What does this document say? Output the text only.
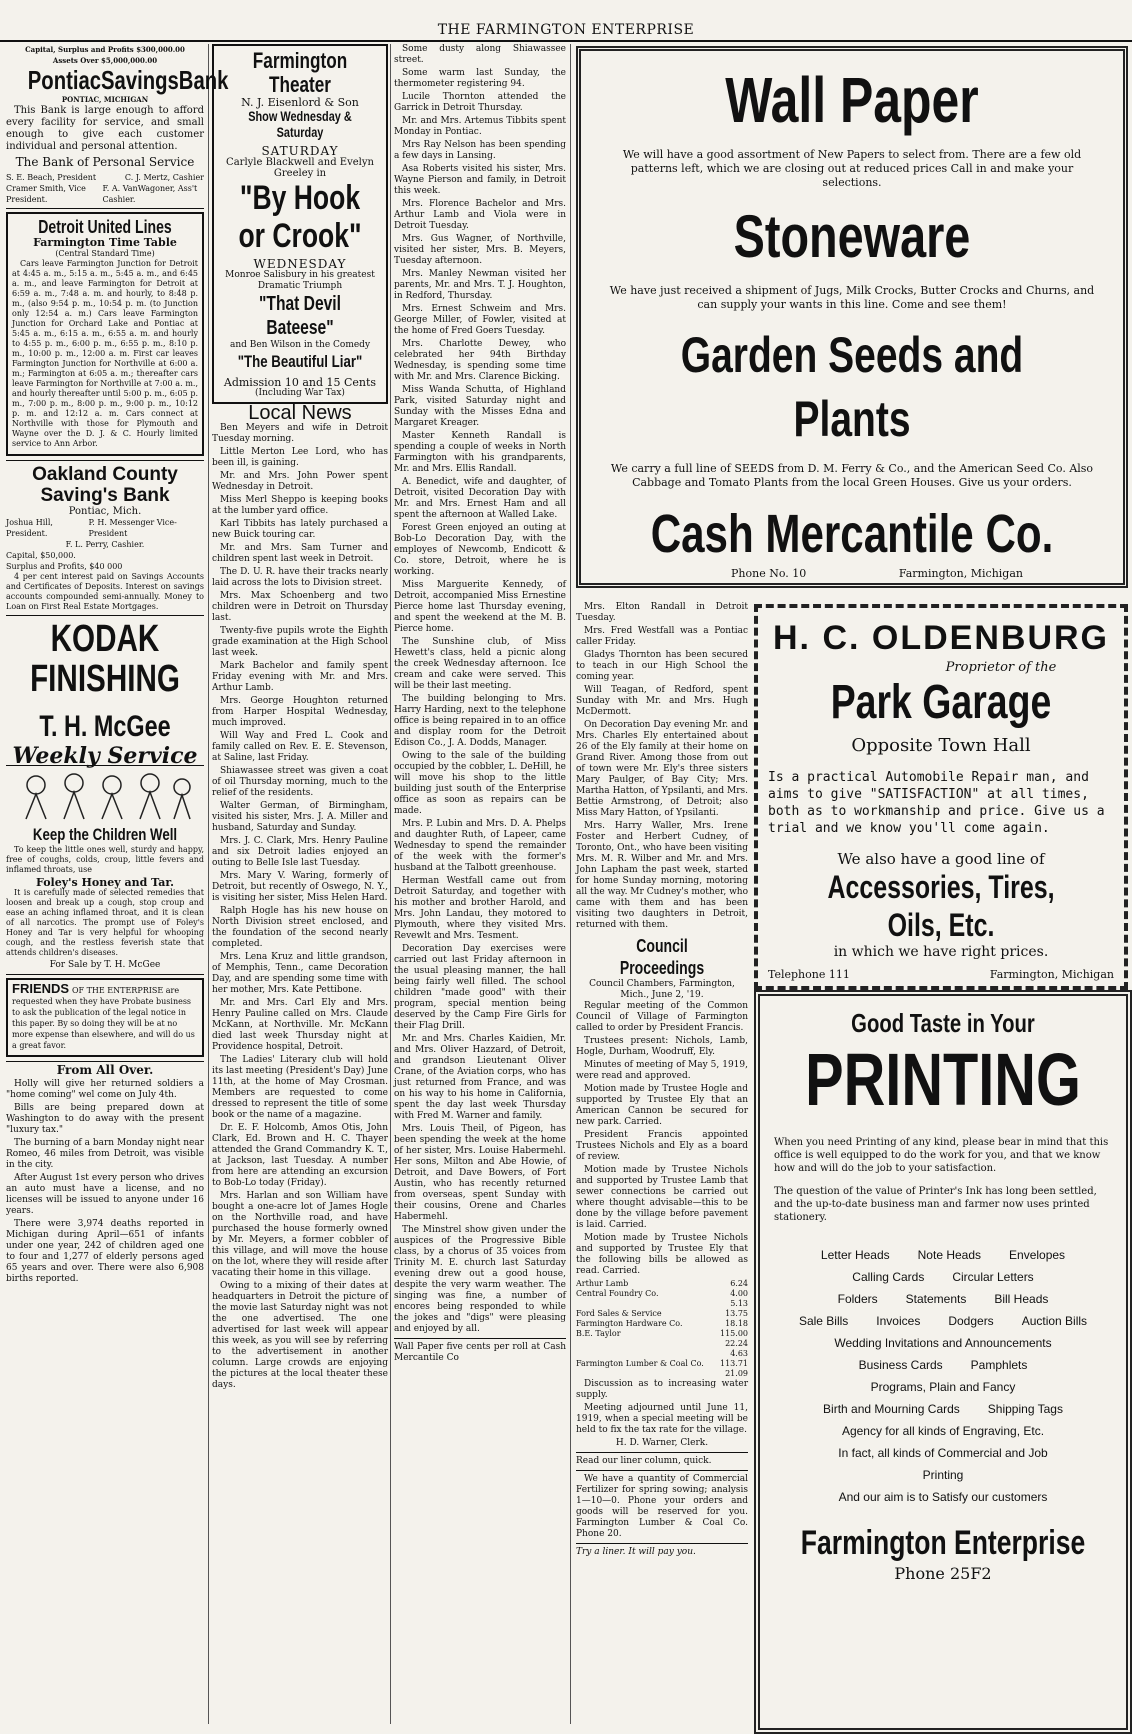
THE FARMINGTON ENTERPRISE
Capital, Surplus and Profits $300,000.00
Assets Over $5,000,000.00
PontiacSavingsBank
PONTIAC, MICHIGAN

This Bank is large enough to afford every facility for service, and small enough to give each customer individual and personal attention.

The Bank of Personal Service
S. E. Beach, President	C. J. Mertz, Cashier
Cramer Smith, Vice President.
F. A. VanWagoner, Ass't Cashier.
Detroit United Lines
Farmington Time Table
(Central Standard Time)

Cars leave Farmington Junction for Detroit at 4:45 a. m., 5:15 a. m., 5:45 a. m., and 6:45 a. m., and leave Farmington for Detroit at 6:59 a. m., 7:48 a. m. and hourly, to 8:48 p. m., (also 9:54 p. m., 10:54 p. m. (to Junction only 12:54 a. m.) Cars leave Farmington Junction for Orchard Lake and Pontiac at 5:45 a. m., 6:15 a. m., 6:55 a. m. and hourly to 4:55 p. m., 6:00 p. m., 6:55 p. m., 8:10 p. m., 10:00 p. m., 12:00 a. m. First car leaves Farmington Junction for Northville at 6:00 a. m.; Farmington at 6:05 a. m.; thereafter cars leave Farmington for Northville at 7:00 a. m., and hourly thereafter until 5:00 p. m., 6:05 p. m., 7:00 p. m., 8:00 p. m., 9:00 p. m., 10:12 p. m. and 12:12 a. m. Cars connect at Northville with those for Plymouth and Wayne over the D. J. & C. Hourly limited service to Ann Arbor.

Oakland County Saving's Bank
Pontiac, Mich.
Joshua Hill, President.
P. H. Messenger Vice-President
F. L. Perry, Cashier.
Capital, $50,000.
Surplus and Profits, $40 000

4 per cent interest paid on Savings Accounts and Certificates of Deposits. Interest on savings accounts compounded semi-annually. Money to Loan on First Real Estate Mortgages.

KODAK
FINISHING
T. H. McGee
Weekly Service
Keep the Children Well

To keep the little ones well, sturdy and happy, free of coughs, colds, croup, little fevers and inflamed throats, use

Foley's Honey and Tar.

It is carefully made of selected remedies that loosen and break up a cough, stop croup and ease an aching inflamed throat, and it is clean of all narcotics. The prompt use of Foley's Honey and Tar is very helpful for whooping cough, and the restless feverish state that attends children's diseases.

For Sale by T. H. McGee
FRIENDS OF THE ENTERPRISE are requested when they have Probate business to ask the publication of the legal notice in this paper. By so doing they will be at no more expense than elsewhere, and will do us a great favor.
From All Over.

Holly will give her returned soldiers a "home coming" wel come on July 4th.

Bills are being prepared down at Washington to do away with the present "luxury tax."

The burning of a barn Monday night near Romeo, 46 miles from Detroit, was visible in the city.

After August 1st every person who drives an auto must have a license, and no licenses will be issued to anyone under 16 years.

There were 3,974 deaths reported in Michigan during April—651 of infants under one year, 242 of children aged one to four and 1,277 of elderly persons aged 65 years and over. There were also 6,908 births reported.

Farmington Theater
N. J. Eisenlord & Son
Show Wednesday & Saturday
SATURDAY
Carlyle Blackwell and Evelyn Greeley in
"By Hook
or Crook"
WEDNESDAY
Monroe Salisbury in his greatest Dramatic Triumph
"That Devil Bateese"
and Ben Wilson in the Comedy
"The Beautiful Liar"
Admission 10 and 15 Cents
(Including War Tax)
Local News

Ben Meyers and wife in Detroit Tuesday morning.

Little Merton Lee Lord, who has been ill, is gaining.

Mr. and Mrs. John Power spent Wednesday in Detroit.

Miss Merl Sheppo is keeping books at the lumber yard office.

Karl Tibbits has lately purchased a new Buick touring car.

Mr. and Mrs. Sam Turner and children spent last week in Detroit.

The D. U. R. have their tracks nearly laid across the lots to Division street.

Mrs. Max Schoenberg and two children were in Detroit on Thursday last.

Twenty-five pupils wrote the Eighth grade examination at the High School last week.

Mark Bachelor and family spent Friday evening with Mr. and Mrs. Arthur Lamb.

Mrs. George Houghton returned from Harper Hospital Wednesday, much improved.

Will Way and Fred L. Cook and family called on Rev. E. E. Stevenson, at Saline, last Friday.

Shiawassee street was given a coat of oil Thursday morning, much to the relief of the residents.

Walter German, of Birmingham, visited his sister, Mrs. J. A. Miller and husband, Saturday and Sunday.

Mrs. J. C. Clark, Mrs. Henry Pauline and six Detroit ladies enjoyed an outing to Belle Isle last Tuesday.

Mrs. Mary V. Waring, formerly of Detroit, but recently of Oswego, N. Y., is visiting her sister, Miss Helen Hard.

Ralph Hogle has his new house on North Division street enclosed, and the foundation of the second nearly completed.

Mrs. Lena Kruz and little grandson, of Memphis, Tenn., came Decoration Day, and are spending some time with her mother, Mrs. Kate Pettibone.

Mr. and Mrs. Carl Ely and Mrs. Henry Pauline called on Mrs. Claude McKann, at Northville. Mr. McKann died last week Thursday night at Providence hospital, Detroit.

The Ladies' Literary club will hold its last meeting (President's Day) June 11th, at the home of May Crosman. Members are requested to come dressed to represent the title of some book or the name of a magazine.

Dr. E. F. Holcomb, Amos Otis, John Clark, Ed. Brown and H. C. Thayer attended the Grand Commandry K. T., at Jackson, last Tuesday. A number from here are attending an excursion to Bob-Lo today (Friday).

Mrs. Harlan and son William have bought a one-acre lot of James Hogle on the Northville road, and have purchased the house formerly owned by Mr. Meyers, a former cobbler of this village, and will move the house on the lot, where they will reside after vacating their home in this village.

Owing to a mixing of their dates at headquarters in Detroit the picture of the movie last Saturday night was not the one advertised. The one advertised for last week will appear this week, as you will see by referring to the advertisement in another column. Large crowds are enjoying the pictures at the local theater these days.

Some dusty along Shiawassee street.

Some warm last Sunday, the thermometer registering 94.

Lucile Thornton attended the Garrick in Detroit Thursday.

Mr. and Mrs. Artemus Tibbits spent Monday in Pontiac.

Mrs Ray Nelson has been spending a few days in Lansing.

Asa Roberts visited his sister, Mrs. Wayne Pierson and family, in Detroit this week.

Mrs. Florence Bachelor and Mrs. Arthur Lamb and Viola were in Detroit Tuesday.

Mrs. Gus Wagner, of Northville, visited her sister, Mrs. B. Meyers, Tuesday afternoon.

Mrs. Manley Newman visited her parents, Mr. and Mrs. T. J. Houghton, in Redford, Thursday.

Mrs. Ernest Schweim and Mrs. George Miller, of Fowler, visited at the home of Fred Goers Tuesday.

Mrs. Charlotte Dewey, who celebrated her 94th Birthday Wednesday, is spending some time with Mr. and Mrs. Clarence Bicking.

Miss Wanda Schutta, of Highland Park, visited Saturday night and Sunday with the Misses Edna and Margaret Kreager.

Master Kenneth Randall is spending a couple of weeks in North Farmington with his grandparents, Mr. and Mrs. Ellis Randall.

A. Benedict, wife and daughter, of Detroit, visited Decoration Day with Mr. and Mrs. Ernest Ham and all spent the afternoon at Walled Lake.

Forest Green enjoyed an outing at Bob-Lo Decoration Day, with the employes of Newcomb, Endicott & Co. store, Detroit, where he is working.

Miss Marguerite Kennedy, of Detroit, accompanied Miss Ernestine Pierce home last Thursday evening, and spent the weekend at the M. B. Pierce home.

The Sunshine club, of Miss Hewett's class, held a picnic along the creek Wednesday afternoon. Ice cream and cake were served. This will be their last meeting.

The building belonging to Mrs. Harry Harding, next to the telephone office is being repaired in to an office and display room for the Detroit Edison Co., J. A. Dodds, Manager.

Owing to the sale of the building occupied by the cobbler, L. DeHill, he will move his shop to the little building just south of the Enterprise office as soon as repairs can be made.

Mrs. P. Lubin and Mrs. D. A. Phelps and daughter Ruth, of Lapeer, came Wednesday to spend the remainder of the week with the former's husband at the Talbott greenhouse.

Herman Westfall came out from Detroit Saturday, and together with his mother and brother Harold, and Mrs. John Landau, they motored to Plymouth, where they visited Mrs. Revewlt and Mrs. Tesment.

Decoration Day exercises were carried out last Friday afternoon in the usual pleasing manner, the hall being fairly well filled. The school children "made good" with their program, special mention being deserved by the Camp Fire Girls for their Flag Drill.

Mr. and Mrs. Charles Kaidien, Mr. and Mrs. Oliver Hazzard, of Detroit, and grandson Lieutenant Oliver Crane, of the Aviation corps, who has just returned from France, and was on his way to his home in California, spent the day last week Thursday with Fred M. Warner and family.

Mrs. Louis Theil, of Pigeon, has been spending the week at the home of her sister, Mrs. Louise Habermehl. Her sons, Milton and Abe Howie, of Detroit, and Dave Bowers, of Fort Austin, who has recently returned from overseas, spent Sunday with their cousins, Orene and Charles Habermehl.

The Minstrel show given under the auspices of the Progressive Bible class, by a chorus of 35 voices from Trinity M. E. church last Saturday evening drew out a good house, despite the very warm weather. The singing was fine, a number of encores being responded to while the jokes and "digs" were pleasing and enjoyed by all.

Wall Paper five cents per roll at Cash Mercantile Co

Wall Paper

We will have a good assortment of New Papers to select from. There are a few old patterns left, which we are closing out at reduced prices Call in and make your selections.

Stoneware

We have just received a shipment of Jugs, Milk Crocks, Butter Crocks and Churns, and can supply your wants in this line. Come and see them!

Garden Seeds and Plants

We carry a full line of SEEDS from D. M. Ferry & Co., and the American Seed Co. Also Cabbage and Tomato Plants from the local Green Houses. Give us your orders.

Cash Mercantile Co.
Phone No. 10	Farmington, Michigan

Mrs. Elton Randall in Detroit Tuesday.

Mrs. Fred Westfall was a Pontiac caller Friday.

Gladys Thornton has been secured to teach in our High School the coming year.

Will Teagan, of Redford, spent Sunday with Mr. and Mrs. Hugh McDermott.

On Decoration Day evening Mr. and Mrs. Charles Ely entertained about 26 of the Ely family at their home on Grand River. Among those from out of town were Mr. Ely's three sisters Mary Paulger, of Bay City; Mrs. Martha Hatton, of Ypsilanti, and Mrs. Bettie Armstrong, of Detroit; also Miss Mary Hatton, of Ypsilanti.

Mrs. Harry Waller, Mrs. Irene Foster and Herbert Cudney, of Toronto, Ont., who have been visiting Mrs. M. R. Wilber and Mr. and Mrs. John Lapham the past week, started for home Sunday morning, motoring all the way. Mr Cudney's mother, who came with them and has been visiting two daughters in Detroit, returned with them.

Council Proceedings
Council Chambers, Farmington, Mich., June 2, '19.

Regular meeting of the Common Council of Village of Farmington called to order by President Francis.

Trustees present: Nichols, Lamb, Hogle, Durham, Woodruff, Ely.

Minutes of meeting of May 5, 1919, were read and approved.

Motion made by Trustee Hogle and supported by Trustee Ely that an American Cannon be secured for new park. Carried.

President Francis appointed Trustees Nichols and Ely as a board of review.

Motion made by Trustee Nichols and supported by Trustee Lamb that sewer connections be carried out where thought advisable—this to be done by the village before pavement is laid. Carried.

Motion made by Trustee Nichols and supported by Trustee Ely that the following bills be allowed as read. Carried.

Arthur Lamb	6.24
Central Foundry Co.	4.00
5.13
Ford Sales & Service	13.75
Farmington Hardware Co.	18.18
B.E. Taylor	115.00
22.24
4.63
Farmington Lumber & Coal Co. 113.71
21.09

Discussion as to increasing water supply.

Meeting adjourned until June 11, 1919, when a special meeting will be held to fix the tax rate for the village.

H. D. Warner, Clerk.

Read our liner column, quick.

We have a quantity of Commercial Fertilizer for spring sowing; analysis 1—10—0. Phone your orders and goods will be reserved for you. Farmington Lumber & Coal Co. Phone 20.

Try a liner. It will pay you.

H. C. OLDENBURG
Proprietor of the
Park Garage
Opposite Town Hall

Is a practical Automobile Repair man, and aims to give "SATISFACTION" at all times, both as to workmanship and price. Give us a trial and we know you'll come again.

We also have a good line of
Accessories, Tires, Oils, Etc.
in which we have right prices.
Telephone 111	Farmington, Michigan
Good Taste in Your
PRINTING

When you need Printing of any kind, please bear in mind that this office is well equipped to do the work for you, and that we know how and will do the job to your satisfaction.

The question of the value of Printer's Ink has long been settled, and the up-to-date business man and farmer now uses printed stationery.

Letter Heads Note Heads Envelopes
Calling Cards Circular Letters
Folders Statements Bill Heads
Sale Bills Invoices Dodgers Auction Bills
Wedding Invitations and Announcements
Business Cards Pamphlets
Programs, Plain and Fancy
Birth and Mourning Cards Shipping Tags
Agency for all kinds of Engraving, Etc.
In fact, all kinds of Commercial and Job
Printing
And our aim is to Satisfy our customers
Farmington Enterprise
Phone 25F2
